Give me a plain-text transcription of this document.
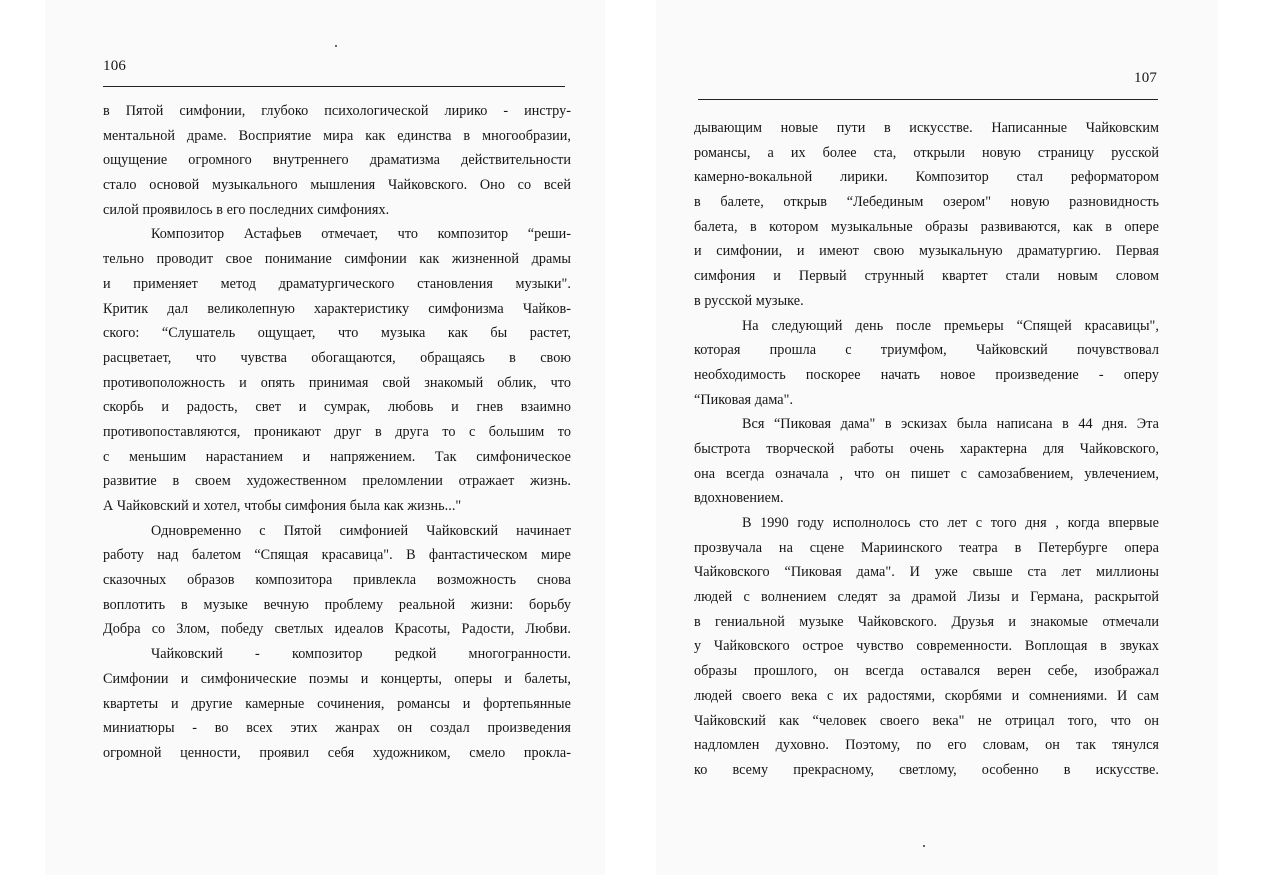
106
в Пятой симфонии, глубоко психологической лирико - инстру-
ментальной драме. Восприятие мира как единства в многообразии,
ощущение огромного внутреннего драматизма действительности
стало основой музыкального мышления Чайковского. Оно со всей
силой проявилось в его последних симфониях.
Композитор Астафьев отмечает, что композитор “реши-
тельно проводит свое понимание симфонии как жизненной драмы
и применяет метод драматургического становления музыки".
Критик дал великолепную характеристику симфонизма Чайков-
ского: “Слушатель ощущает, что музыка как бы растет,
расцветает, что чувства обогащаются, обращаясь в свою
противоположность и опять принимая свой знакомый облик, что
скорбь и радость, свет и сумрак, любовь и гнев взаимно
противопоставляются, проникают друг в друга то с большим то
с меньшим нарастанием и напряжением. Так симфоническое
развитие в своем художественном преломлении отражает жизнь.
А Чайковский и хотел, чтобы симфония была как жизнь..."
Одновременно с Пятой симфонией Чайковский начинает
работу над балетом “Спящая красавица". В фантастическом мире
сказочных образов композитора привлекла возможность снова
воплотить в музыке вечную проблему реальной жизни: борьбу
Добра со Злом, победу светлых идеалов Красоты, Радости, Любви.
Чайковский - композитор редкой многогранности.
Симфонии и симфонические поэмы и концерты, оперы и балеты,
квартеты и другие камерные сочинения, романсы и фортепьянные
миниатюры - во всех этих жанрах он создал произведения
огромной ценности, проявил себя художником, смело прокла-
107
дывающим новые пути в искусстве. Написанные Чайковским
романсы, а их более ста, открыли новую страницу русской
камерно-вокальной лирики. Композитор стал реформатором
в балете, открыв “Лебединым озером" новую разновидность
балета, в котором музыкальные образы развиваются, как в опере
и симфонии, и имеют свою музыкальную драматургию. Первая
симфония и Первый струнный квартет стали новым словом
в русской музыке.
На следующий день после премьеры “Спящей красавицы",
которая прошла с триумфом, Чайковский почувствовал
необходимость поскорее начать новое произведение - оперу
“Пиковая дама".
Вся “Пиковая дама" в эскизах была написана в 44 дня. Эта
быстрота творческой работы очень характерна для Чайковского,
она всегда означала , что он пишет с самозабвением, увлечением,
вдохновением.
В 1990 году исполнолось сто лет с того дня , когда впервые
прозвучала на сцене Мариинского театра в Петербурге опера
Чайковского “Пиковая дама". И уже свыше ста лет миллионы
людей с волнением следят за драмой Лизы и Германа, раскрытой
в гениальной музыке Чайковского. Друзья и знакомые отмечали
у Чайковского острое чувство современности. Воплощая в звуках
образы прошлого, он всегда оставался верен себе, изображал
людей своего века с их радостями, скорбями и сомнениями. И сам
Чайковский как “человек своего века" не отрицал того, что он
надломлен духовно. Поэтому, по его словам, он так тянулся
ко всему прекрасному, светлому, особенно в искусстве.
